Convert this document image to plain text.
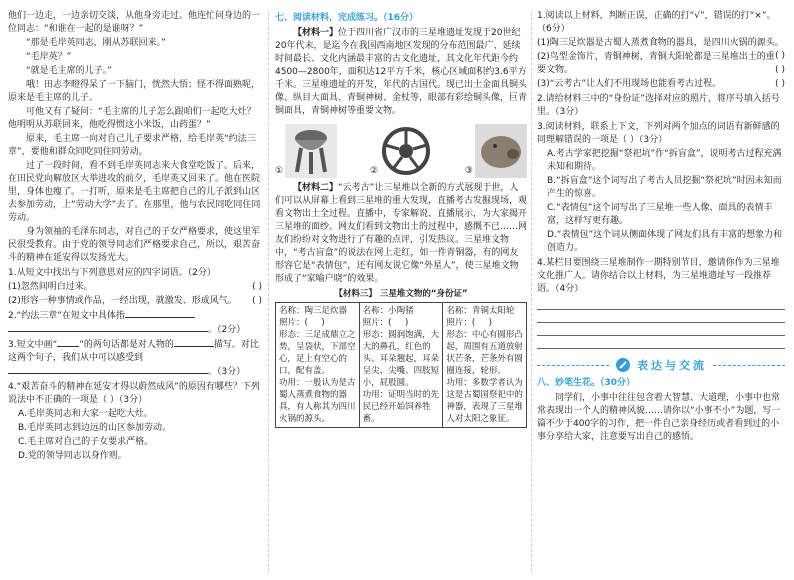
他们一边走，一边亲切交谈，从他身旁走过。他连忙问身边的一位同志：“和谁在一起的是谁呀？”

“那是毛岸英同志，刚从苏联回来。”

“毛岸英？”

“就是毛主席的儿子。”

哦！田志李瞪得呆了一下脑门，恍然大悟；怪不得面熟呢，原来是毛主席的儿子。

可他又有了疑问：“毛主席的儿子怎么跟咱们一起吃大灶？他明明从苏联回来，他吃得惯这小米饭，山药蛋？”

原来，毛主席一向对自己儿子要求严格，给毛岸英“约法三章”，要他和群众同吃同住同劳动。

过了一段时间，看不到毛岸英同志来大食堂吃饭了。后来，在田民党向解放区大举进攻的前夕，毛岸英又回来了。他在医院里，身体也瘦了。一打听，原来是毛主席把自己的儿子派到山区去参加劳动，上“劳动大学”去了。在那里，他与农民同吃同住同劳动。

身为领袖的毛泽东同志，对自己的子女严格要求，使这里军民很受教育。由于党的领导同志们严格要求自己，所以，艰苦奋斗的精神在延安得以发扬光大。

1.从短文中找出与下列意思对应的四字词语。（2分）

(1)忽然间明白过来。	( )

(2)形容一种事情或作品，一经出现，就激发、形成风气。 ( )

2.“约法三章”在短文中具体指

。（2分）

3.短文中画“ ”的两句话都是对人物的	描写。对比这两个句子，我们从中可以感受到

。（3分）

4.“艰苦奋斗的精神在延安才得以蔚然成风”的原因有哪些？下列说法中不正确的一项是（ ）（3分）

A.毛岸英同志和大家一起吃大灶。

B.毛岸英同志到边远的山区参加劳动。

C.毛主席对自己的子女要求严格。

D.党的领导同志以身作则。

七、阅读材料，完成练习。（16分）

【材料一】位于四川省广汉市的三星堆遗址发现于20世纪20年代末，是迄今在我国西南地区发现的分布范围最广、延续时间最长、文化内涵最丰富的古文化遗址，其文化年代距今约4500—2800年，面积达12平方千米，核心区域面积约3.6平方千米。三星堆遗址的开发，年代的古国代。现已出土金面具铜头像、纵目大面具、青铜神树、金杖等，眼部有彩绘铜头像，巨青铜面具，青铜神树等重要文物。

①	②	③

【材料二】“云考古”让三星堆以全新的方式展现于世，人们可以从屏幕上看到三星堆的重大发现，直播考古发掘现场，观看文物出土全过程。直播中，专家解说、直播展示，为大家揭开三星堆的面纱。网友们看到文物出土的过程中，感慨不已……网友们纷纷对文物进行了有趣的点评，引发热议。三星堆文物中，“考古盲盒”的说法在网上走红，如一件青铜器，有的网友形容它是“表情包”，还有网友说它像“外星人”，使三星堆文物形成了“家喻户晓”的效果。

【材料三】 三星堆文物的“身份证”
名称：陶三足炊器
照片：(     )
形态：三足成鼎立之势，呈袋状，下部空心，足上有空心的口，配有盖。
功用：一般认为是古蜀人蒸煮食物的器具，有人称其为四川火锅的源头。	名称：小陶猪
照片：(     )
形态：圆润饱满，大大的鼻孔，红色的头、耳朵翘起，耳朵呈尖、尖嘴、四肢短小，屁股圆。
功用：证明当时的先民已经开始饲养牲畜。	名称：青铜太阳轮
照片：(     )
形态：中心有圆形凸起，周围有五道放射状芒条，芒条外有圆圈连接，轮形。
功用：多数学者认为这是古蜀国祭祀中的神器，表现了三星堆人对太阳之象征。

1.阅读以上材料，判断正误，正确的打“√”，错误的打“×”。（6分）

(1)陶三足炊器是古蜀人蒸煮食物的器具，是四川火锅的源头。
( )

(2)鸟型金饰片，青铜神树，青铜大阳轮都是三星堆出土的重要文物。	( )

(3)“云考古”让人们不用现场也能看考古过程。	( )

2.请给材料三中的“身份证”选择对应的照片，将序号填入括号里。（3分）

3.阅读材料，联系上下文，下列对两个加点的词语有新鲜感的同理解错误的一项是（ ）（3分）

A.考古学家把挖掘“祭祀坑”作“拆盲盒”，说明考古过程充满未知和期待。

B.“拆盲盒”这个词写出了考古人员挖掘“祭祀坑”时因未知而产生的惊喜。

C.“表情包”这个词写出了三星堆一些人像、面具的表情丰富，这样写更有趣。

D.“表情包”这个词从侧面体现了网友们具有丰富的想象力和创造力。

4.某栏目要围绕三星堆制作一期特别节目，邀请你作为三星堆文化推广人。请你结合以上材料，为三星堆遗址写一段推荐语。（4分）

表达与交流

八、妙笔生花。（30分）

同学们，小事中往往包含着大智慧、大道理，小事中也常常表现出一个人的精神风貌……请你以“小事不小”为题，写一篇不少于400字的习作，把一件自己亲身经历或者看到过的小事分享给大家，注意要写出自己的感悟。
